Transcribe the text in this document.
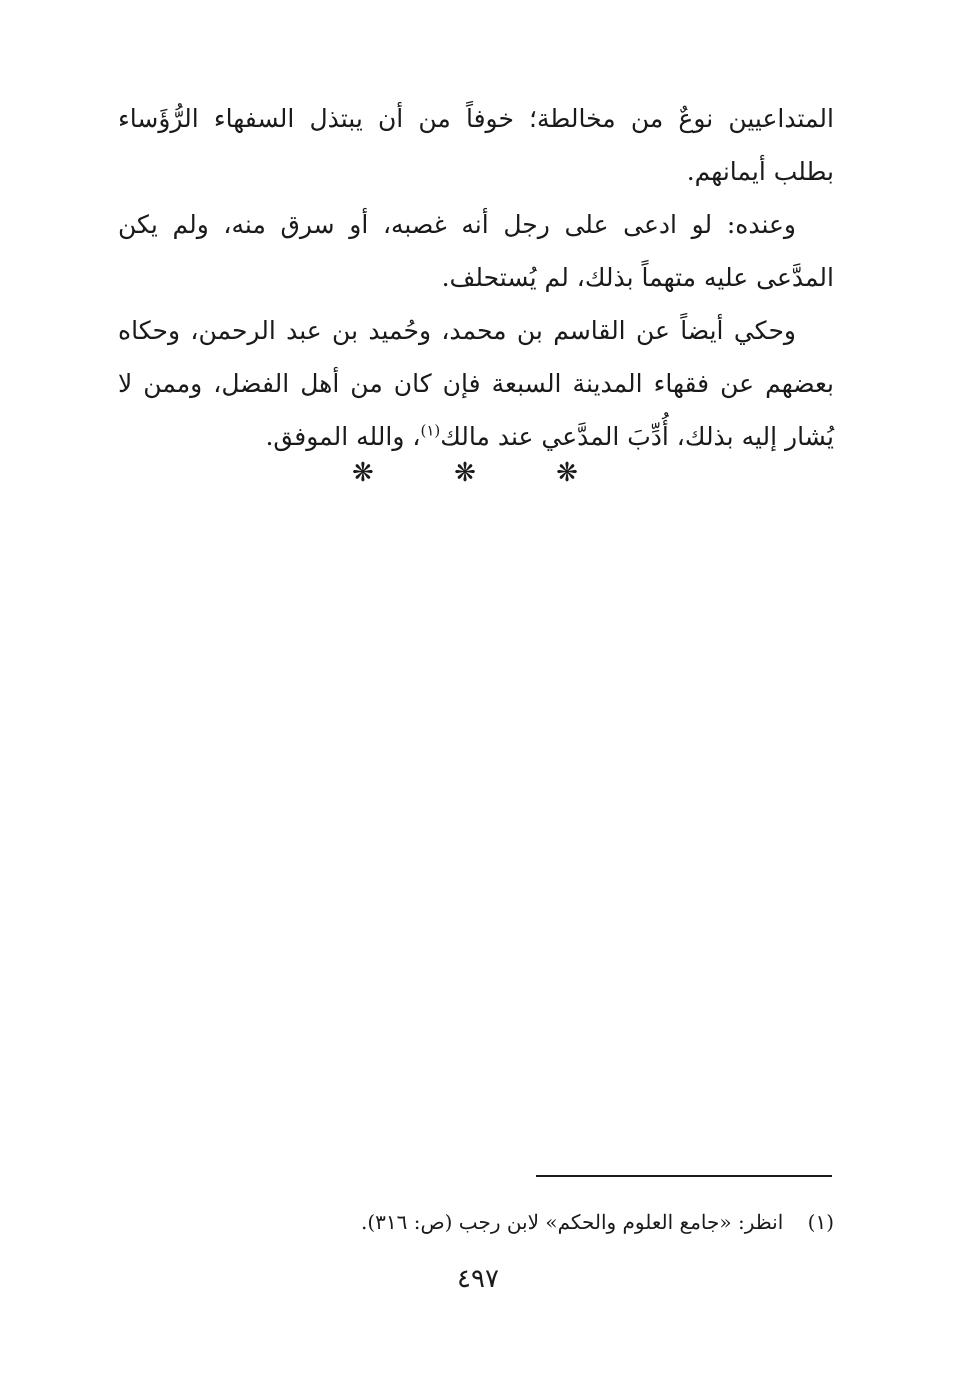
المتداعيين نوعٌ من مخالطة؛ خوفاً من أن يبتذل السفهاء الرُّؤَساء بطلب أيمانهم.

وعنده: لو ادعى على رجل أنه غصبه، أو سرق منه، ولم يكن المدَّعى عليه متهماً بذلك، لم يُستحلف.

وحكي أيضاً عن القاسم بن محمد، وحُميد بن عبد الرحمن، وحكاه بعضهم عن فقهاء المدينة السبعة فإن كان من أهل الفضل، وممن لا يُشار إليه بذلك، أُدِّبَ المدَّعي عند مالك$^{(١)}$، والله الموفق.

❋ ❋ ❋
(١) انظر: «جامع العلوم والحكم» لابن رجب (ص: ٣١٦).
٤٩٧
